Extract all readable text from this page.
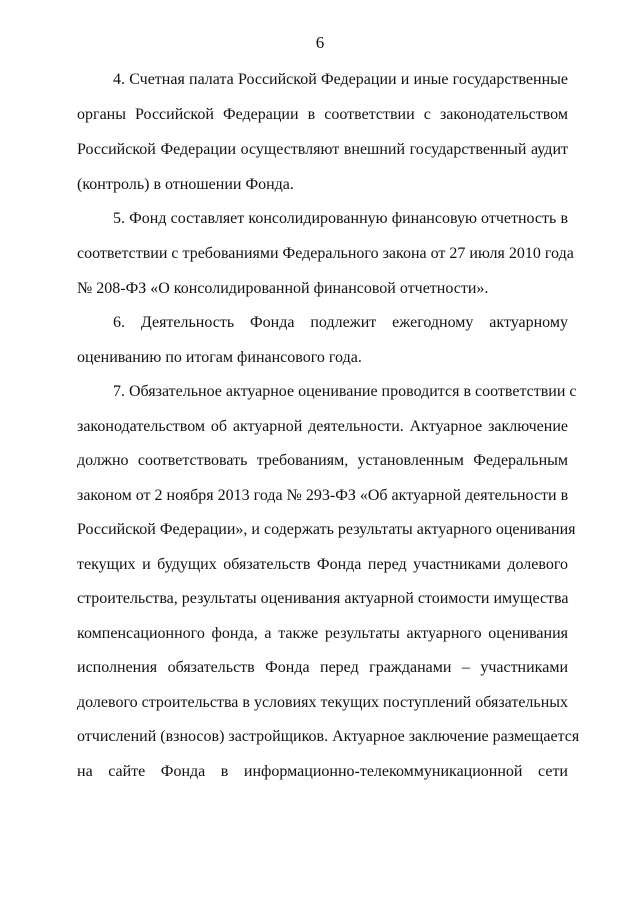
6
4. Счетная палата Российской Федерации и иные государственные
органы Российской Федерации в соответствии с законодательством
Российской Федерации осуществляют внешний государственный аудит
(контроль) в отношении Фонда.
5. Фонд составляет консолидированную финансовую отчетность в
соответствии с требованиями Федерального закона от 27 июля 2010 года
№ 208-ФЗ «О консолидированной финансовой отчетности».
6. Деятельность Фонда подлежит ежегодному актуарному
оцениванию по итогам финансового года.
7. Обязательное актуарное оценивание проводится в соответствии с
законодательством об актуарной деятельности. Актуарное заключение
должно соответствовать требованиям, установленным Федеральным
законом от 2 ноября 2013 года № 293-ФЗ «Об актуарной деятельности в
Российской Федерации», и содержать результаты актуарного оценивания
текущих и будущих обязательств Фонда перед участниками долевого
строительства, результаты оценивания актуарной стоимости имущества
компенсационного фонда, а также результаты актуарного оценивания
исполнения обязательств Фонда перед гражданами – участниками
долевого строительства в условиях текущих поступлений обязательных
отчислений (взносов) застройщиков. Актуарное заключение размещается
на сайте Фонда в информационно-телекоммуникационной сети
